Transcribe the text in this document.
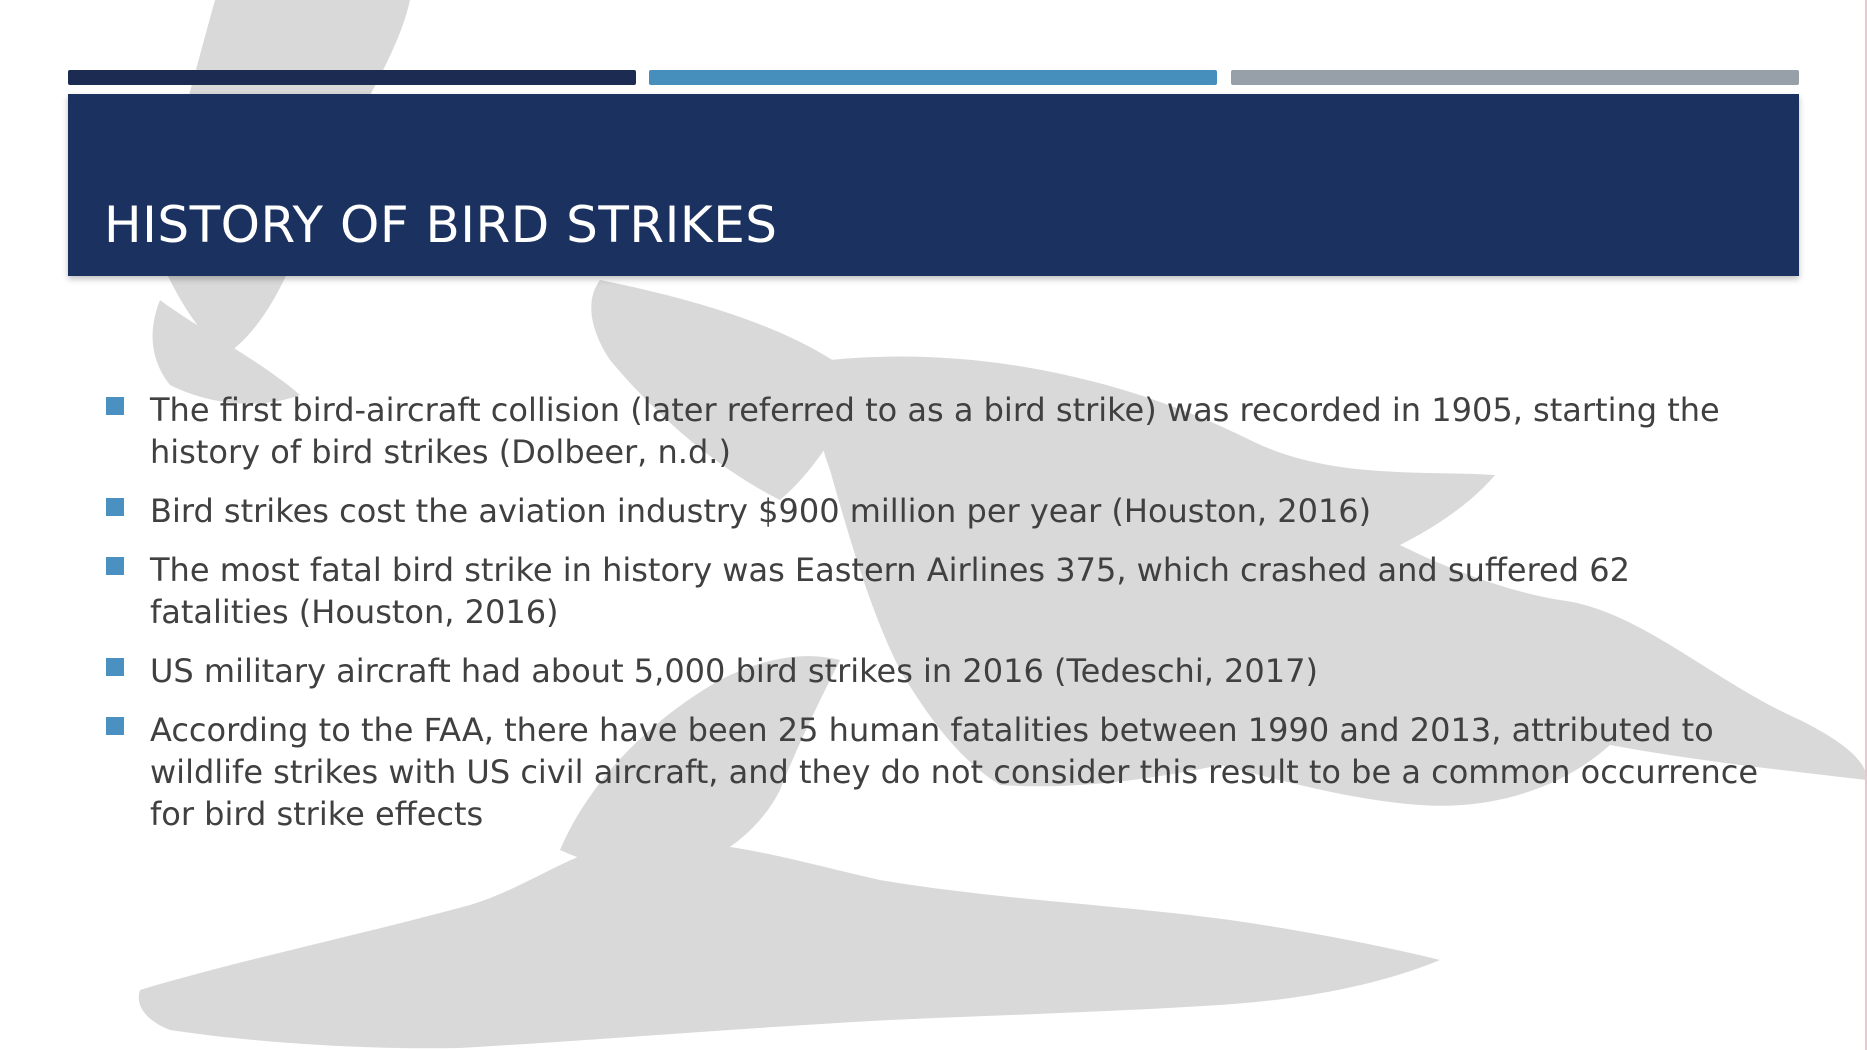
HISTORY OF BIRD STRIKES
The first bird-aircraft collision (later referred to as a bird strike) was recorded in 1905, starting the history of bird strikes (Dolbeer, n.d.)
Bird strikes cost the aviation industry $900 million per year (Houston, 2016)
The most fatal bird strike in history was Eastern Airlines 375, which crashed and suffered 62 fatalities (Houston, 2016)
US military aircraft had about 5,000 bird strikes in 2016 (Tedeschi, 2017)
According to the FAA, there have been 25 human fatalities between 1990 and 2013, attributed to wildlife strikes with US civil aircraft, and they do not consider this result to be a common occurrence for bird strike effects
